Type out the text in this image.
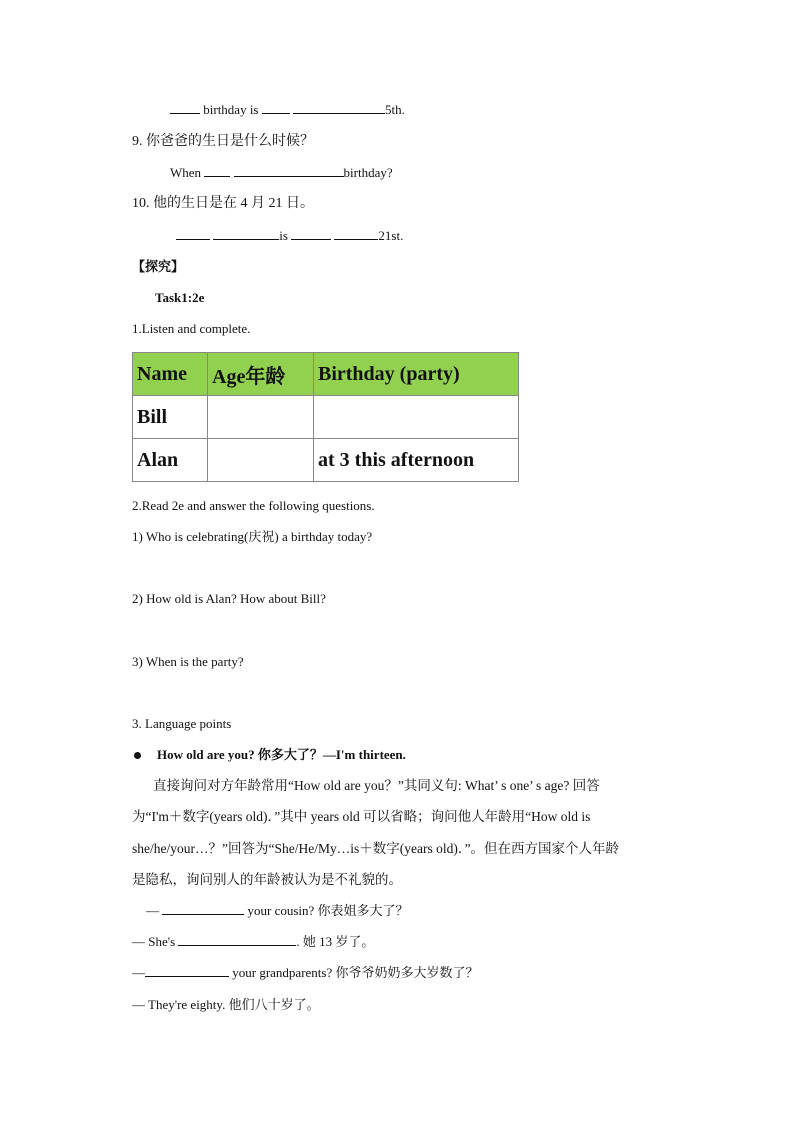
birthday is	5th.
9. 你爸爸的生日是什么时候？
When	birthday?
10. 他的生日是在 4 月 21 日。
is	21st.
【探究】
Task1:2e
1.Listen and complete.
Name	Age年龄	Birthday (party)
Bill		
Alan		at 3 this afternoon
2.Read 2e and answer the following questions.
1) Who is celebrating(庆祝) a birthday today?
2) How old is Alan? How about Bill?
3) When is the party?
3. Language points
How old are you? 你多大了？—I'm thirteen.
直接询问对方年龄常用“How old are you？”其同义句: What’ s one’ s age? 回答
为“I'm＋数字(years old)．”其中 years old 可以省略；询问他人年龄用“How old is
she/he/your…？”回答为“She/He/My…is＋数字(years old)．”。但在西方国家个人年龄
是隐私，询问别人的年龄被认为是不礼貌的。
—	your cousin? 你表姐多大了？
— She's	. 她 13 岁了。
—	your grandparents? 你爷爷奶奶多大岁数了？
— They're eighty. 他们八十岁了。
